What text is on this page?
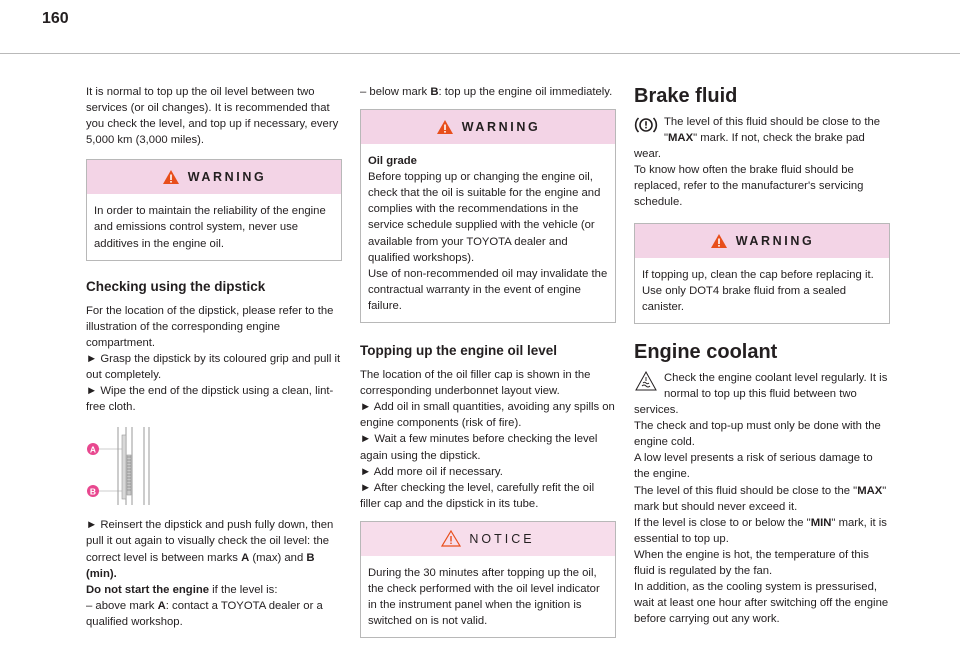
160

It is normal to top up the oil level between two services (or oil changes). It is recommended that you check the level, and top up if necessary, every 5,000 km (3,000 miles).

WARNING

In order to maintain the reliability of the engine and emissions control system, never use additives in the engine oil.

Checking using the dipstick

For the location of the dipstick, please refer to the illustration of the corresponding engine compartment.

► Grasp the dipstick by its coloured grip and pull it out completely.

► Wipe the end of the dipstick using a clean, lint-free cloth.

A
B

► Reinsert the dipstick and push fully down, then pull it out again to visually check the oil level: the correct level is between marks A (max) and B (min).

Do not start the engine if the level is:

– above mark A: contact a TOYOTA dealer or a qualified workshop.

– below mark B: top up the engine oil immediately.

WARNING

Oil grade

Before topping up or changing the engine oil, check that the oil is suitable for the engine and complies with the recommendations in the service schedule supplied with the vehicle (or available from your TOYOTA dealer and qualified workshops).

Use of non-recommended oil may invalidate the contractual warranty in the event of engine failure.

Topping up the engine oil level

The location of the oil filler cap is shown in the corresponding underbonnet layout view.

► Add oil in small quantities, avoiding any spills on engine components (risk of fire).

► Wait a few minutes before checking the level again using the dipstick.

► Add more oil if necessary.

► After checking the level, carefully refit the oil filler cap and the dipstick in its tube.

NOTICE

During the 30 minutes after topping up the oil, the check performed with the oil level indicator in the instrument panel when the ignition is switched on is not valid.

Brake fluid

The level of this fluid should be close to the "MAX" mark. If not, check the brake pad wear.

To know how often the brake fluid should be replaced, refer to the manufacturer's servicing schedule.

WARNING

If topping up, clean the cap before replacing it. Use only DOT4 brake fluid from a sealed canister.

Engine coolant

Check the engine coolant level regularly. It is normal to top up this fluid between two services.

The check and top-up must only be done with the engine cold.

A low level presents a risk of serious damage to the engine.

The level of this fluid should be close to the "MAX" mark but should never exceed it.

If the level is close to or below the "MIN" mark, it is essential to top up.

When the engine is hot, the temperature of this fluid is regulated by the fan.

In addition, as the cooling system is pressurised, wait at least one hour after switching off the engine before carrying out any work.
